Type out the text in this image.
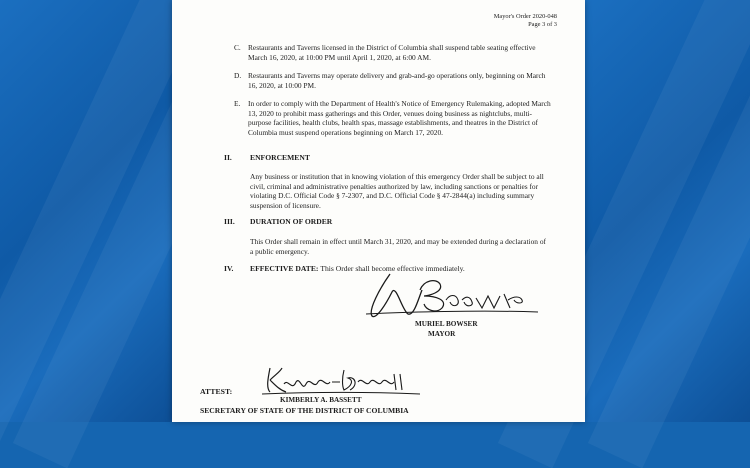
Mayor's Order 2020-048
Page 3 of 3
C. Restaurants and Taverns licensed in the District of Columbia shall suspend table seating effective March 16, 2020, at 10:00 PM until April 1, 2020, at 6:00 AM.
D. Restaurants and Taverns may operate delivery and grab-and-go operations only, beginning on March 16, 2020, at 10:00 PM.
E. In order to comply with the Department of Health's Notice of Emergency Rulemaking, adopted March 13, 2020 to prohibit mass gatherings and this Order, venues doing business as nightclubs, multi-purpose facilities, health clubs, health spas, massage establishments, and theatres in the District of Columbia must suspend operations beginning on March 17, 2020.
II. ENFORCEMENT
Any business or institution that in knowing violation of this emergency Order shall be subject to all civil, criminal and administrative penalties authorized by law, including sanctions or penalties for violating D.C. Official Code § 7-2307, and D.C. Official Code § 47-2844(a) including summary suspension of licensure.
III. DURATION OF ORDER
This Order shall remain in effect until March 31, 2020, and may be extended during a declaration of a public emergency.
IV. EFFECTIVE DATE: This Order shall become effective immediately.
MURIEL BOWSER
MAYOR
ATTEST:
KIMBERLY A. BASSETT
SECRETARY OF STATE OF THE DISTRICT OF COLUMBIA
